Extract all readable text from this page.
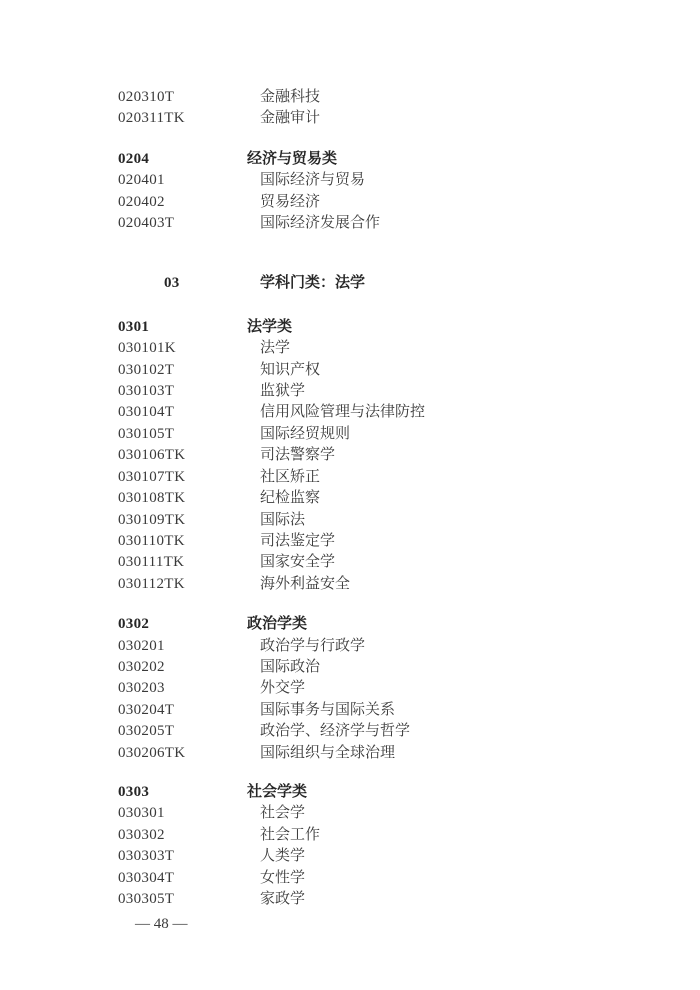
020310T	金融科技
020311TK	金融审计
0204	经济与贸易类
020401	国际经济与贸易
020402	贸易经济
020403T	国际经济发展合作
03	学科门类：法学
0301	法学类
030101K	法学
030102T	知识产权
030103T	监狱学
030104T	信用风险管理与法律防控
030105T	国际经贸规则
030106TK	司法警察学
030107TK	社区矫正
030108TK	纪检监察
030109TK	国际法
030110TK	司法鉴定学
030111TK	国家安全学
030112TK	海外利益安全
0302	政治学类
030201	政治学与行政学
030202	国际政治
030203	外交学
030204T	国际事务与国际关系
030205T	政治学、经济学与哲学
030206TK	国际组织与全球治理
0303	社会学类
030301	社会学
030302	社会工作
030303T	人类学
030304T	女性学
030305T	家政学
— 48 —
